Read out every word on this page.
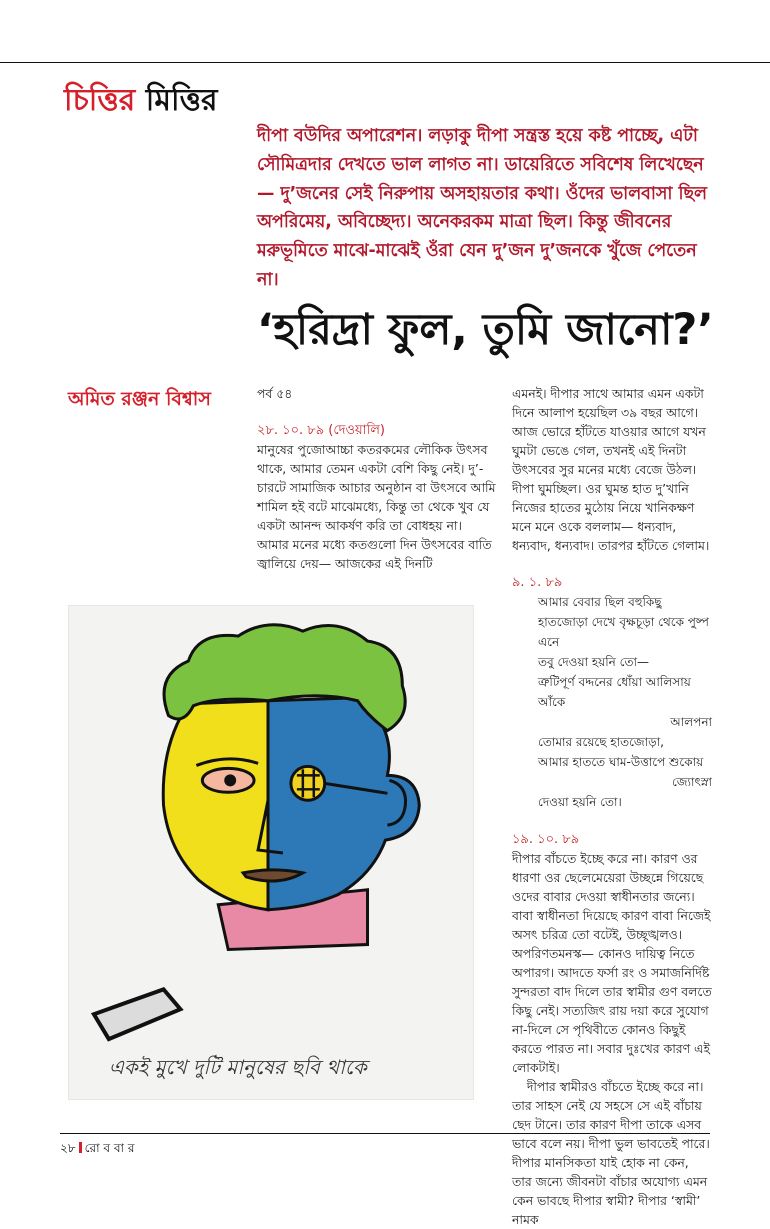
চিত্তির মিত্তির

দীপা বউদির অপারেশন। লড়াকু দীপা সন্ত্রস্ত হয়ে কষ্ট পাচ্ছে, এটা সৌমিত্রদার দেখতে ভাল লাগত না। ডায়েরিতে সবিশেষ লিখেছেন— দু’জনের সেই নিরুপায় অসহায়তার কথা। ওঁদের ভালবাসা ছিল অপরিমেয়, অবিচ্ছেদ্য। অনেকরকম মাত্রা ছিল। কিন্তু জীবনের মরুভূমিতে মাঝে-মাঝেই ওঁরা যেন দু’জন দু’জনকে খুঁজে পেতেন না।

‘হরিদ্রা ফুল, তুমি জানো?’
অমিত রঞ্জন বিশ্বাস	পর্ব ৫৪

২৮. ১০. ৮৯ (দেওয়ালি)

মানুষের পুজোআচ্চা কতরকমের লৌকিক উৎসব থাকে, আমার তেমন একটা বেশি কিছু নেই। দু’-চারটে সামাজিক আচার অনুষ্ঠান বা উৎসবে আমি শামিল হই বটে মাঝেমধ্যে, কিন্তু তা থেকে খুব যে একটা আনন্দ আকর্ষণ করি তা বোধহয় না। আমার মনের মধ্যে কতগুলো দিন উৎসবের বাতি জ্বালিয়ে দেয়— আজকের এই দিনটি

এমনই। দীপার সাথে আমার এমন একটা দিনে আলাপ হয়েছিল ৩৯ বছর আগে। আজ ভোরে হাঁটতে যাওয়ার আগে যখন ঘুমটা ভেঙে গেল, তখনই এই দিনটা উৎসবের সুর মনের মধ্যে বেজে উঠল। দীপা ঘুমচ্ছিল। ওর ঘুমন্ত হাত দু’খানি নিজের হাতের মুঠোয় নিয়ে খানিকক্ষণ মনে মনে ওকে বললাম— ধন্যবাদ, ধন্যবাদ, ধন্যবাদ। তারপর হাঁটতে গেলাম।

৯. ১. ৮৯

আমার বেবার ছিল বহুকিছু

হাতজোড়া দেখে বৃক্ষচূড়া থেকে পুষ্প এনে

তবু দেওয়া হয়নি তো—

ত্রুটিপূর্ণ বদ্দনের ধোঁয়া আলিসায় আঁকে

আলপনা

তোমার রয়েছে হাতজোড়া,

আমার হাততে ঘাম-উত্তাপে শুকোয়

জ্যোৎস্না

দেওয়া হয়নি তো।

১৯. ১০. ৮৯

দীপার বাঁচতে ইচ্ছে করে না। কারণ ওর ধারণা ওর ছেলেমেয়েরা উচ্ছন্নে গিয়েছে ওদের বাবার দেওয়া স্বাধীনতার জন্যে। বাবা স্বাধীনতা দিয়েছে কারণ বাবা নিজেই অসৎ চরিত্র তো বটেই, উচ্ছৃঙ্খলও। অপরিণতমনস্ক— কোনও দায়িত্ব নিতে অপারগ। আদতে ফর্সা রং ও সমাজনির্দিষ্ট সুন্দরতা বাদ দিলে তার স্বামীর গুণ বলতে কিছু নেই। সত্যজিৎ রায় দয়া করে সুযোগ না-দিলে সে পৃথিবীতে কোনও কিছুই করতে পারত না। সবার দুঃখের কারণ এই লোকটাই।

দীপার স্বামীরও বাঁচতে ইচ্ছে করে না। তার সাহস নেই যে সহসে সে এই বাঁচায় ছেদ টানে। তার কারণ দীপা তাকে এসব ভাবে বলে নয়। দীপা ভুল ভাবতেই পারে। দীপার মানসিকতা যাই হোক না কেন, তার জন্যে জীবনটা বাঁচার অযোগ্য এমন কেন ভাবছে দীপার স্বামী? দীপার ‘স্বামী’ নামক

একই মুখে দুটি মানুষের ছবি থাকে
২৮ রো ব বা র
